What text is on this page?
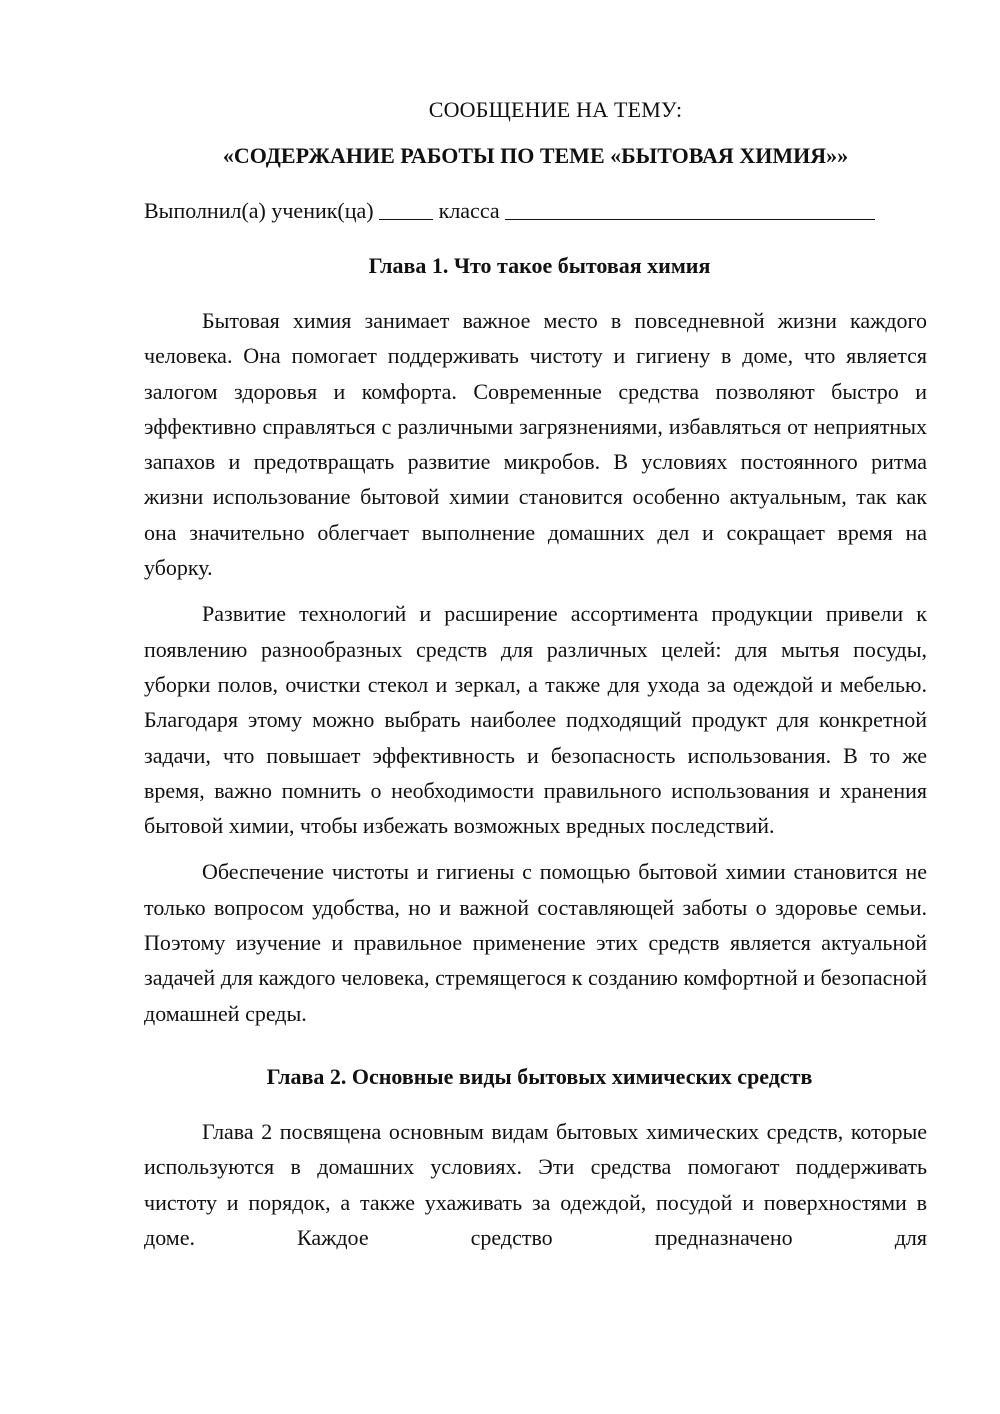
СООБЩЕНИЕ НА ТЕМУ:

«СОДЕРЖАНИЕ РАБОТЫ ПО ТЕМЕ «БЫТОВАЯ ХИМИЯ»»

Выполнил(а) ученик(ца)	класса

Глава 1. Что такое бытовая химия

Бытовая химия занимает важное место в повседневной жизни каждого человека. Она помогает поддерживать чистоту и гигиену в доме, что является залогом здоровья и комфорта. Современные средства позволяют быстро и эффективно справляться с различными загрязнениями, избавляться от неприятных запахов и предотвращать развитие микробов. В условиях постоянного ритма жизни использование бытовой химии становится особенно актуальным, так как она значительно облегчает выполнение домашних дел и сокращает время на уборку.

Развитие технологий и расширение ассортимента продукции привели к появлению разнообразных средств для различных целей: для мытья посуды, уборки полов, очистки стекол и зеркал, а также для ухода за одеждой и мебелью. Благодаря этому можно выбрать наиболее подходящий продукт для конкретной задачи, что повышает эффективность и безопасность использования. В то же время, важно помнить о необходимости правильного использования и хранения бытовой химии, чтобы избежать возможных вредных последствий.

Обеспечение чистоты и гигиены с помощью бытовой химии становится не только вопросом удобства, но и важной составляющей заботы о здоровье семьи. Поэтому изучение и правильное применение этих средств является актуальной задачей для каждого человека, стремящегося к созданию комфортной и безопасной домашней среды.

Глава 2. Основные виды бытовых химических средств

Глава 2 посвящена основным видам бытовых химических средств, которые используются в домашних условиях. Эти средства помогают поддерживать чистоту и порядок, а также ухаживать за одеждой, посудой и поверхностями в доме. Каждое средство предназначено для
